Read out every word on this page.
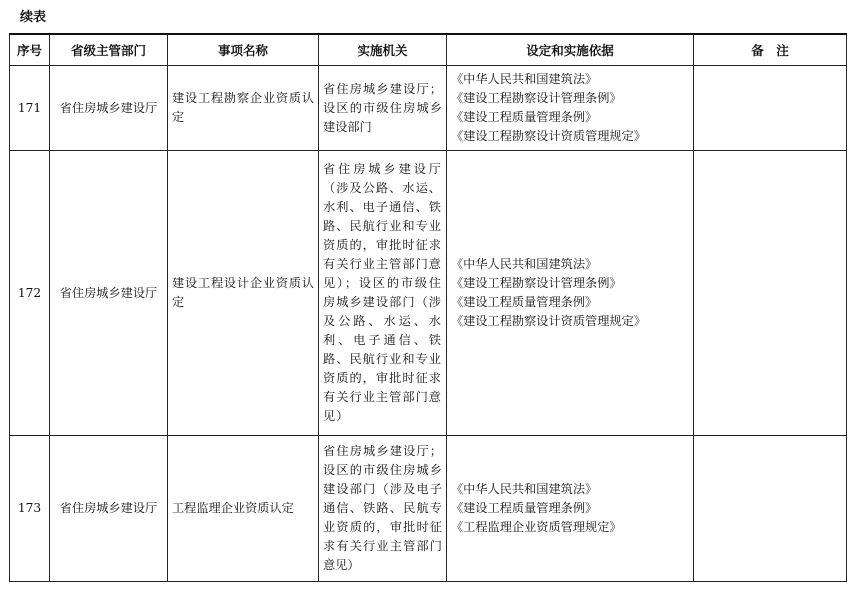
续表
序号	省级主管部门	事项名称	实施机关	设定和实施依据	备　注
171	省住房城乡建设厅	建设工程勘察企业资质认定	省住房城乡建设厅；设区的市级住房城乡建设部门	《中华人民共和国建筑法》
《建设工程勘察设计管理条例》
《建设工程质量管理条例》
《建设工程勘察设计资质管理规定》	

172	省住房城乡建设厅	建设工程设计企业资质认定	省住房城乡建设厅（涉及公路、水运、水利、电子通信、铁路、民航行业和专业资质的，审批时征求有关行业主管部门意见）；设区的市级住房城乡建设部门（涉及公路、水运、水利、电子通信、铁路、民航行业和专业资质的，审批时征求有关行业主管部门意见）	《中华人民共和国建筑法》
《建设工程勘察设计管理条例》
《建设工程质量管理条例》
《建设工程勘察设计资质管理规定》	

173	省住房城乡建设厅	工程监理企业资质认定	省住房城乡建设厅；设区的市级住房城乡建设部门（涉及电子通信、铁路、民航专业资质的，审批时征求有关行业主管部门意见）	《中华人民共和国建筑法》
《建设工程质量管理条例》
《工程监理企业资质管理规定》	
